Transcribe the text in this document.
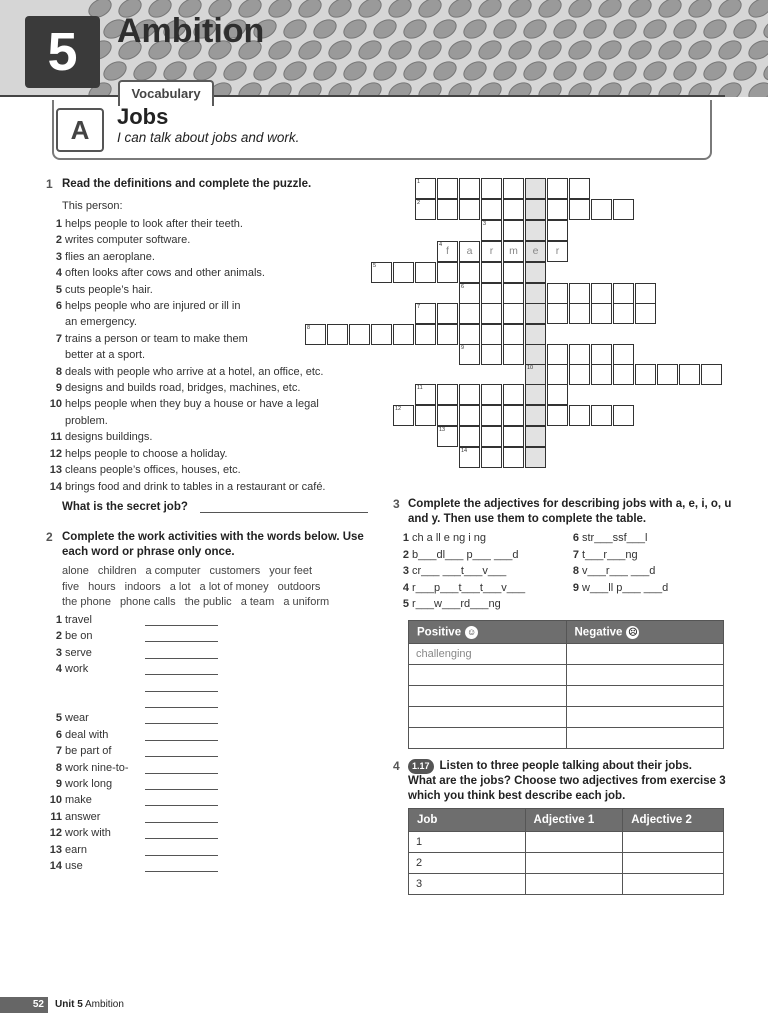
5	Ambition
Vocabulary
A	Jobs
I can talk about jobs and work.
1 Read the definitions and complete the puzzle.
This person:
1 helps people to look after their teeth.
2 writes computer software.
3 flies an aeroplane.
4 often looks after cows and other animals.
5 cuts people’s hair.
6 helps people who are injured or ill in
an emergency.
7 trains a person or team to make them
better at a sport.
8 deals with people who arrive at a hotel, an office, etc.
9 designs and builds road, bridges, machines, etc.
10 helps people when they buy a house or have a legal
problem.
11 designs buildings.
12 helps people to choose a holiday.
13 cleans people’s offices, houses, etc.
14 brings food and drink to tables in a restaurant or café.
What is the secret job?
1
2
3
4 f	a	r	m	e	r
5
6
7
8
9
10
11
12
13
14
2 Complete the work activities with the words below. Use
each word or phrase only once.
alone children a computer customers your feet
five hours indoors a lot a lot of money outdoors
the phone phone calls the public a team a uniform
1 travel
2 be on
3 serve
4 work
5 wear
6 deal with
7 be part of
8 work nine-to-
9 work long
10 make
11 answer
12 work with
13 earn
14 use
3 Complete the adjectives for describing jobs with a, e, i, o, u
and y. Then use them to complete the table.
1 ch a ll e ng i ng
2 b___dl___ p___ ___d
3 cr___ ___t___v___
4 r___p___t___t___v___
5 r___w___rd___ng
6 str___ssf___l
7 t___r___ng
8 v___r___ ___d
9 w___ll p___ ___d
Positive ☺	Negative ☹
challenging	

4	1.17 Listen to three people talking about their jobs.
What are the jobs? Choose two adjectives from exercise 3
which you think best describe each job.
Job	Adjective 1	Adjective 2
1		
2		
3		
52	Unit 5 Ambition
